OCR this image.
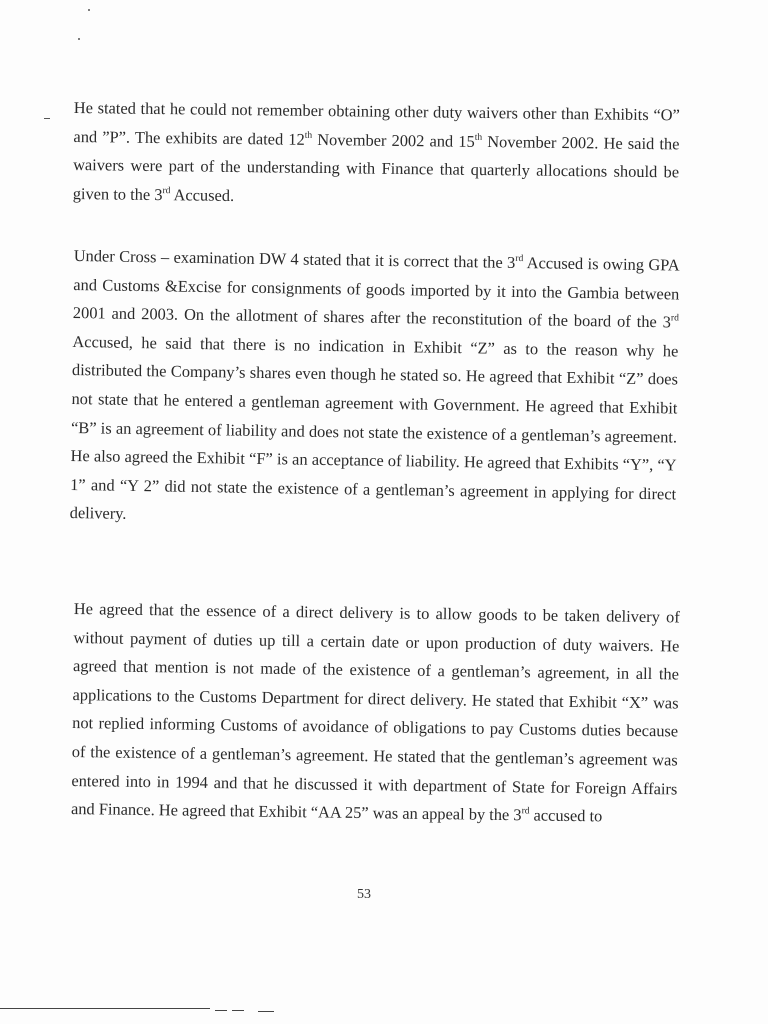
He stated that he could not remember obtaining other duty waivers other than Exhibits “O” and ”P”. The exhibits are dated 12th November 2002 and 15th November 2002. He said the waivers were part of the understanding with Finance that quarterly allocations should be given to the 3rd Accused.
Under Cross – examination DW 4 stated that it is correct that the 3rd Accused is owing GPA and Customs &Excise for consignments of goods imported by it into the Gambia between 2001 and 2003. On the allotment of shares after the reconstitution of the board of the 3rd Accused, he said that there is no indication in Exhibit “Z” as to the reason why he distributed the Company’s shares even though he stated so. He agreed that Exhibit “Z” does not state that he entered a gentleman agreement with Government. He agreed that Exhibit “B” is an agreement of liability and does not state the existence of a gentleman’s agreement. He also agreed the Exhibit “F” is an acceptance of liability. He agreed that Exhibits “Y”, “Y 1” and “Y 2” did not state the existence of a gentleman’s agreement in applying for direct delivery.
He agreed that the essence of a direct delivery is to allow goods to be taken delivery of without payment of duties up till a certain date or upon production of duty waivers. He agreed that mention is not made of the existence of a gentleman’s agreement, in all the applications to the Customs Department for direct delivery. He stated that Exhibit “X” was not replied informing Customs of avoidance of obligations to pay Customs duties because of the existence of a gentleman’s agreement. He stated that the gentleman’s agreement was entered into in 1994 and that he discussed it with department of State for Foreign Affairs and Finance. He agreed that Exhibit “AA 25” was an appeal by the 3rd accused to
53
